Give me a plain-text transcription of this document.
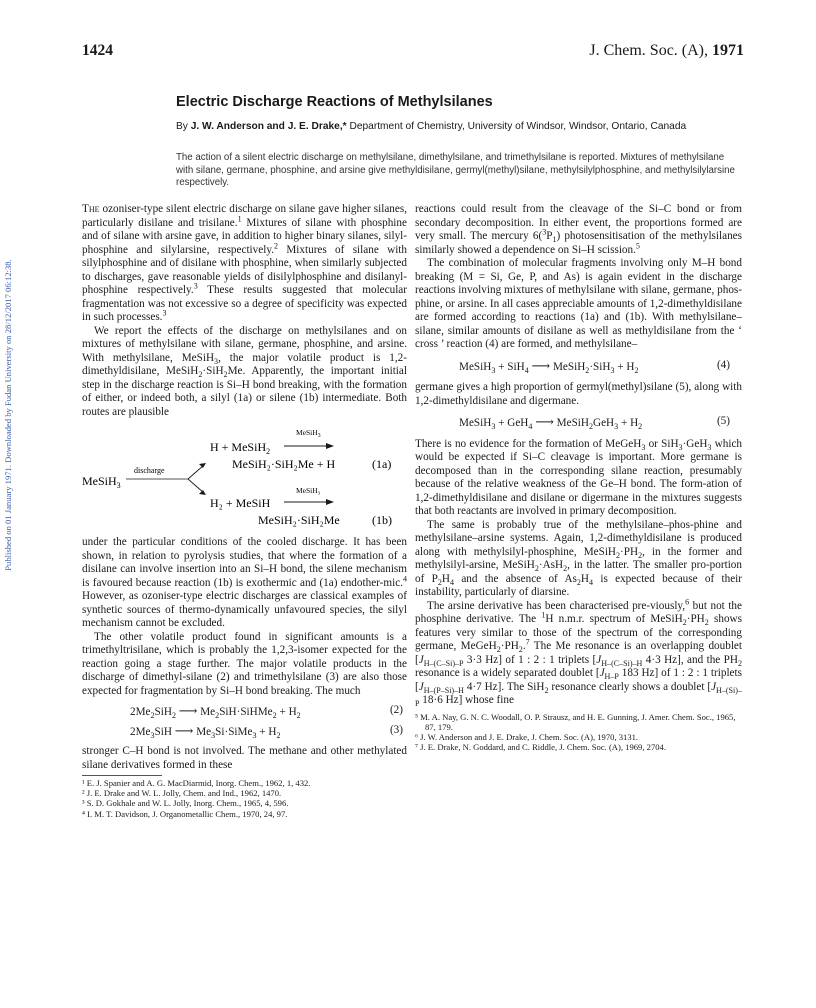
1424	J. Chem. Soc. (A), 1971
Electric Discharge Reactions of Methylsilanes
By J. W. Anderson and J. E. Drake,* Department of Chemistry, University of Windsor, Windsor, Ontario, Canada
The action of a silent electric discharge on methylsilane, dimethylsilane, and trimethylsilane is reported. Mixtures of methylsilane with silane, germane, phosphine, and arsine give methyldisilane, germyl(methyl)silane, methylsilylphosphine, and methylsilylarsine respectively.
Published on 01 January 1971. Downloaded by Fudan University on 28/12/2017 06:12:38.

The ozoniser-type silent electric discharge on silane gave higher silanes, particularly disilane and trisilane.$^1$ Mixtures of silane with phosphine and of silane with arsine gave, in addition to higher binary silanes, silyl-phosphine and silylarsine, respectively.$^2$ Mixtures of silane with silylphosphine and of disilane with phosphine, when similarly subjected to discharges, gave reasonable yields of disilylphosphine and disilanyl-phosphine respectively.$^3$ These results suggested that molecular fragmentation was not excessive so a degree of specificity was expected in such processes.$^3$

We report the effects of the discharge on methylsilanes and on mixtures of methylsilane with silane, germane, phosphine, and arsine. With methylsilane, MeSiH$_3$, the major volatile product is 1,2-dimethyldisilane, MeSiH$_2$·SiH$_2$Me. Apparently, the important initial step in the discharge reaction is Si–H bond breaking, with the formation of either, or indeed both, a silyl (1a) or silene (1b) intermediate. Both routes are plausible

MeSiH$_3$
discharge
H + MeSiH$_2$
MeSiH$_3$
MeSiH₂·SiH₂Me + H	(1a)
MeSiH₃
H₂ + MeSiH
MeSiH₂·SiH₂Me	(1b)

under the particular conditions of the cooled discharge. It has been shown, in relation to pyrolysis studies, that where the formation of a disilane can involve insertion into an Si–H bond, the silene mechanism is favoured because reaction (1b) is exothermic and (1a) endother-mic.$^4$ However, as ozoniser-type electric discharges are classical examples of synthetic sources of thermo-dynamically unfavoured species, the silyl mechanism cannot be excluded.

The other volatile product found in significant amounts is a trimethyltrisilane, which is probably the 1,2,3-isomer expected for the reaction going a stage further. The major volatile products in the discharge of dimethyl-silane (2) and trimethylsilane (3) are also those expected for fragmentation by Si–H bond breaking. The much

$2Me_2SiH_2$ ⟶ $Me_2SiH\cdot SiHMe_2 + H_2$	(2)
$2Me_3SiH$ ⟶ $Me_3Si\cdot SiMe_3 + H_2$	(3)

stronger C–H bond is not involved. The methane and other methylated silane derivatives formed in these

¹ E. J. Spanier and A. G. MacDiarmid, Inorg. Chem., 1962, 1, 432.
² J. E. Drake and W. L. Jolly, Chem. and Ind., 1962, 1470.
³ S. D. Gokhale and W. L. Jolly, Inorg. Chem., 1965, 4, 596.
⁴ I. M. T. Davidson, J. Organometallic Chem., 1970, 24, 97.

reactions could result from the cleavage of the Si–C bond or from secondary decomposition. In either event, the proportions formed are very small. The mercury $6(^3P_1)$ photosensitisation of the methylsilanes similarly showed a dependence on Si–H scission.$^5$

The combination of molecular fragments involving only M–H bond breaking (M = Si, Ge, P, and As) is again evident in the discharge reactions involving mixtures of methylsilane with silane, germane, phos-phine, or arsine. In all cases appreciable amounts of 1,2-dimethyldisilane are formed according to reactions (1a) and (1b). With methylsilane–silane, similar amounts of disilane as well as methyldisilane from the ‘ cross ’ reaction (4) are formed, and methylsilane–

MeSiH$_3$ + SiH$_4$ ⟶ MeSiH$_2$·SiH$_3$ + $H_2$	(4)

germane gives a high proportion of germyl(methyl)silane (5), along with 1,2-dimethyldisilane and digermane.

MeSiH$_3$ + GeH$_4$ ⟶ MeSiH$_2$GeH$_3$ + $H_2$	(5)

There is no evidence for the formation of MeGeH$_3$ or SiH$_3$·GeH$_3$ which would be expected if Si–C cleavage is important. More germane is decomposed than in the corresponding silane reaction, presumably because of the relative weakness of the Ge–H bond. The form-ation of 1,2-dimethyldisilane and disilane or digermane in the mixtures suggests that both reactants are involved in primary decomposition.

The same is probably true of the methylsilane–phos-phine and methylsilane–arsine systems. Again, 1,2-dimethyldisilane is produced along with methylsilyl-phosphine, $MeSiH_2\cdot PH_2$, in the former and methylsilyl-arsine, MeSiH$_2$·AsH$_2$, in the latter. The smaller pro-portion of $P_2H_4$ and the absence of $As_2H_4$ is expected because of their instability, particularly of diarsine.

The arsine derivative has been characterised pre-viously,$^6$ but not the phosphine derivative. The $^1$H n.m.r. spectrum of $MeSiH_2\cdot PH_2$ shows features very similar to those of the spectrum of the corresponding germane, $MeGeH_2\cdot PH_2.^7$ The Me resonance is an overlapping doublet [$J_{H-(C-Si)-P}$ 3·3 Hz] of 1 : 2 : 1 triplets [$J_{H-(C-Si)-H}$ 4·3 Hz], and the $PH_2$ resonance is a widely separated doublet [$J_{H-P}$ 183 Hz] of 1 : 2 : 1 triplets [$J_{H-(P-Si)-H}$ 4·7 Hz]. The SiH$_2$ resonance clearly shows a doublet [$J_{H-(Si)-P}$ 18·6 Hz] whose fine

⁵ M. A. Nay, G. N. C. Woodall, O. P. Strausz, and H. E. Gunning, J. Amer. Chem. Soc., 1965, 87, 179.
⁶ J. W. Anderson and J. E. Drake, J. Chem. Soc. (A), 1970, 3131.
⁷ J. E. Drake, N. Goddard, and C. Riddle, J. Chem. Soc. (A), 1969, 2704.
